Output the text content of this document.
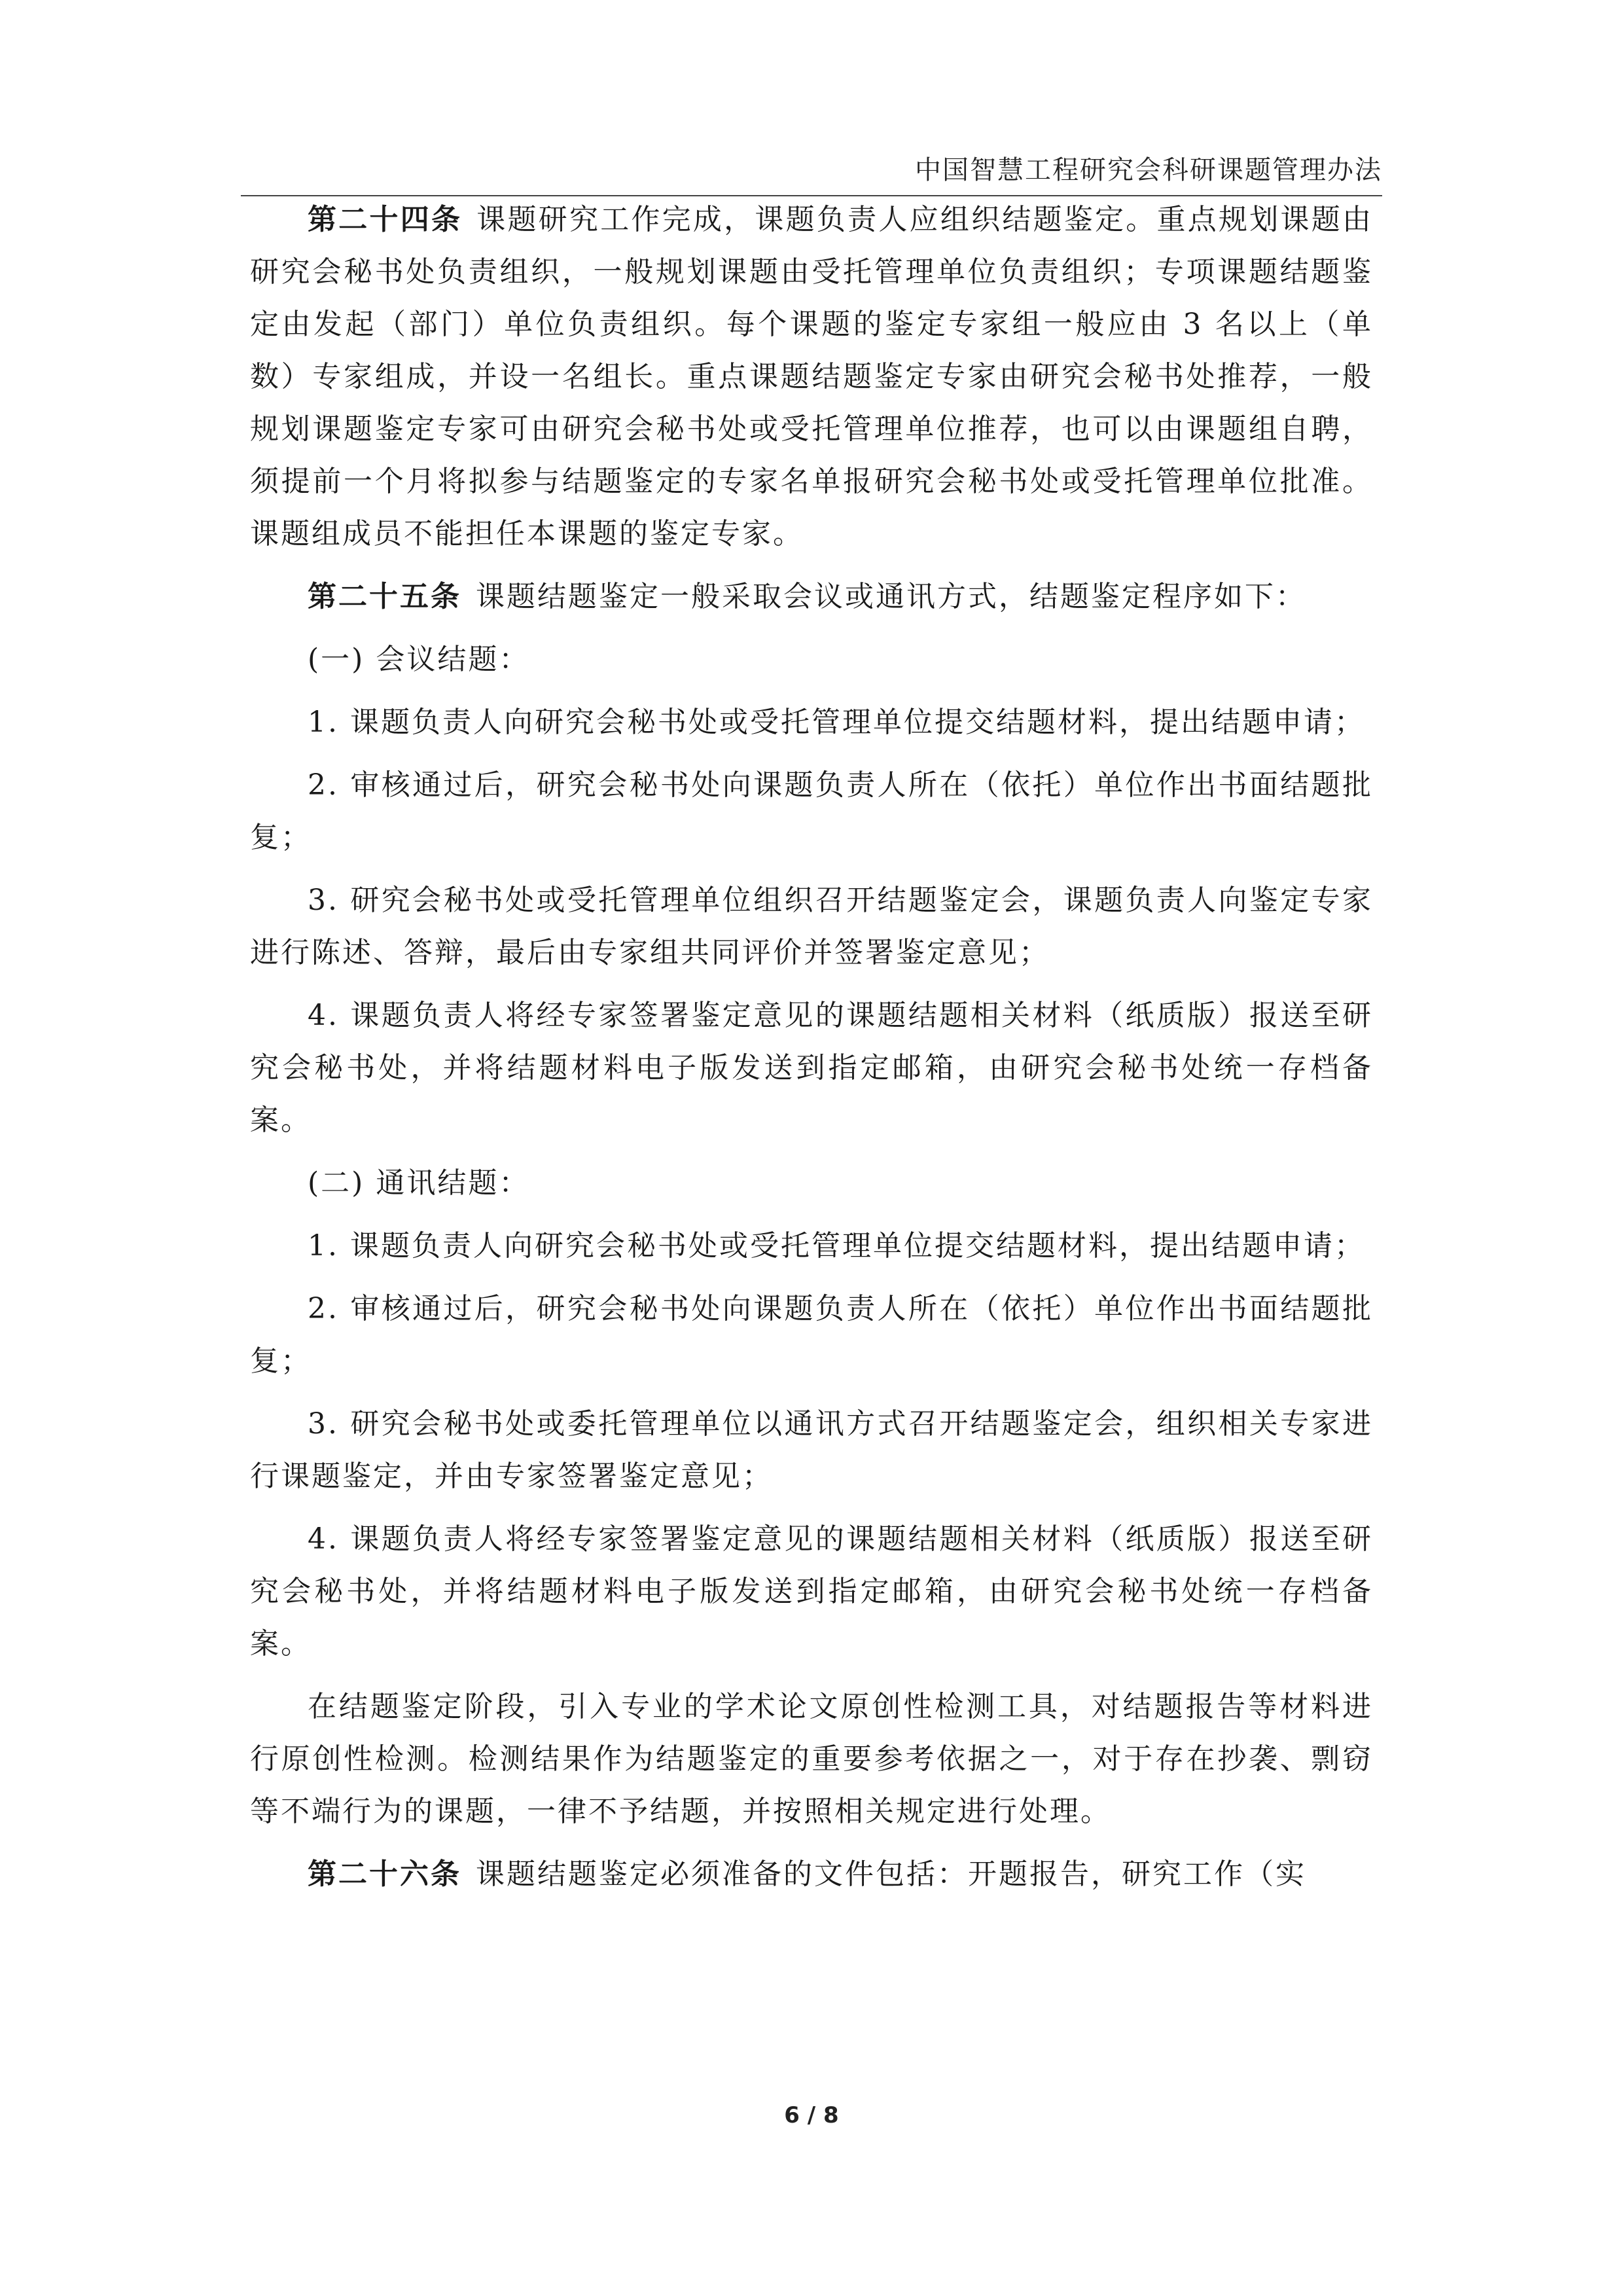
中国智慧工程研究会科研课题管理办法

第二十四条 课题研究工作完成，课题负责人应组织结题鉴定。重点规划课题由研究会秘书处负责组织，一般规划课题由受托管理单位负责组织；专项课题结题鉴定由发起（部门）单位负责组织。每个课题的鉴定专家组一般应由 3 名以上（单数）专家组成，并设一名组长。重点课题结题鉴定专家由研究会秘书处推荐，一般规划课题鉴定专家可由研究会秘书处或受托管理单位推荐，也可以由课题组自聘，须提前一个月将拟参与结题鉴定的专家名单报研究会秘书处或受托管理单位批准。课题组成员不能担任本课题的鉴定专家。

第二十五条 课题结题鉴定一般采取会议或通讯方式，结题鉴定程序如下：

(一) 会议结题：

1. 课题负责人向研究会秘书处或受托管理单位提交结题材料，提出结题申请；

2. 审核通过后，研究会秘书处向课题负责人所在（依托）单位作出书面结题批复；

3. 研究会秘书处或受托管理单位组织召开结题鉴定会，课题负责人向鉴定专家进行陈述、答辩，最后由专家组共同评价并签署鉴定意见；

4. 课题负责人将经专家签署鉴定意见的课题结题相关材料（纸质版）报送至研究会秘书处，并将结题材料电子版发送到指定邮箱，由研究会秘书处统一存档备案。

(二) 通讯结题：

1. 课题负责人向研究会秘书处或受托管理单位提交结题材料，提出结题申请；

2. 审核通过后，研究会秘书处向课题负责人所在（依托）单位作出书面结题批复；

3. 研究会秘书处或委托管理单位以通讯方式召开结题鉴定会，组织相关专家进行课题鉴定，并由专家签署鉴定意见；

4. 课题负责人将经专家签署鉴定意见的课题结题相关材料（纸质版）报送至研究会秘书处，并将结题材料电子版发送到指定邮箱，由研究会秘书处统一存档备案。

在结题鉴定阶段，引入专业的学术论文原创性检测工具，对结题报告等材料进行原创性检测。检测结果作为结题鉴定的重要参考依据之一，对于存在抄袭、剽窃等不端行为的课题，一律不予结题，并按照相关规定进行处理。

第二十六条 课题结题鉴定必须准备的文件包括：开题报告，研究工作（实

6 / 8
